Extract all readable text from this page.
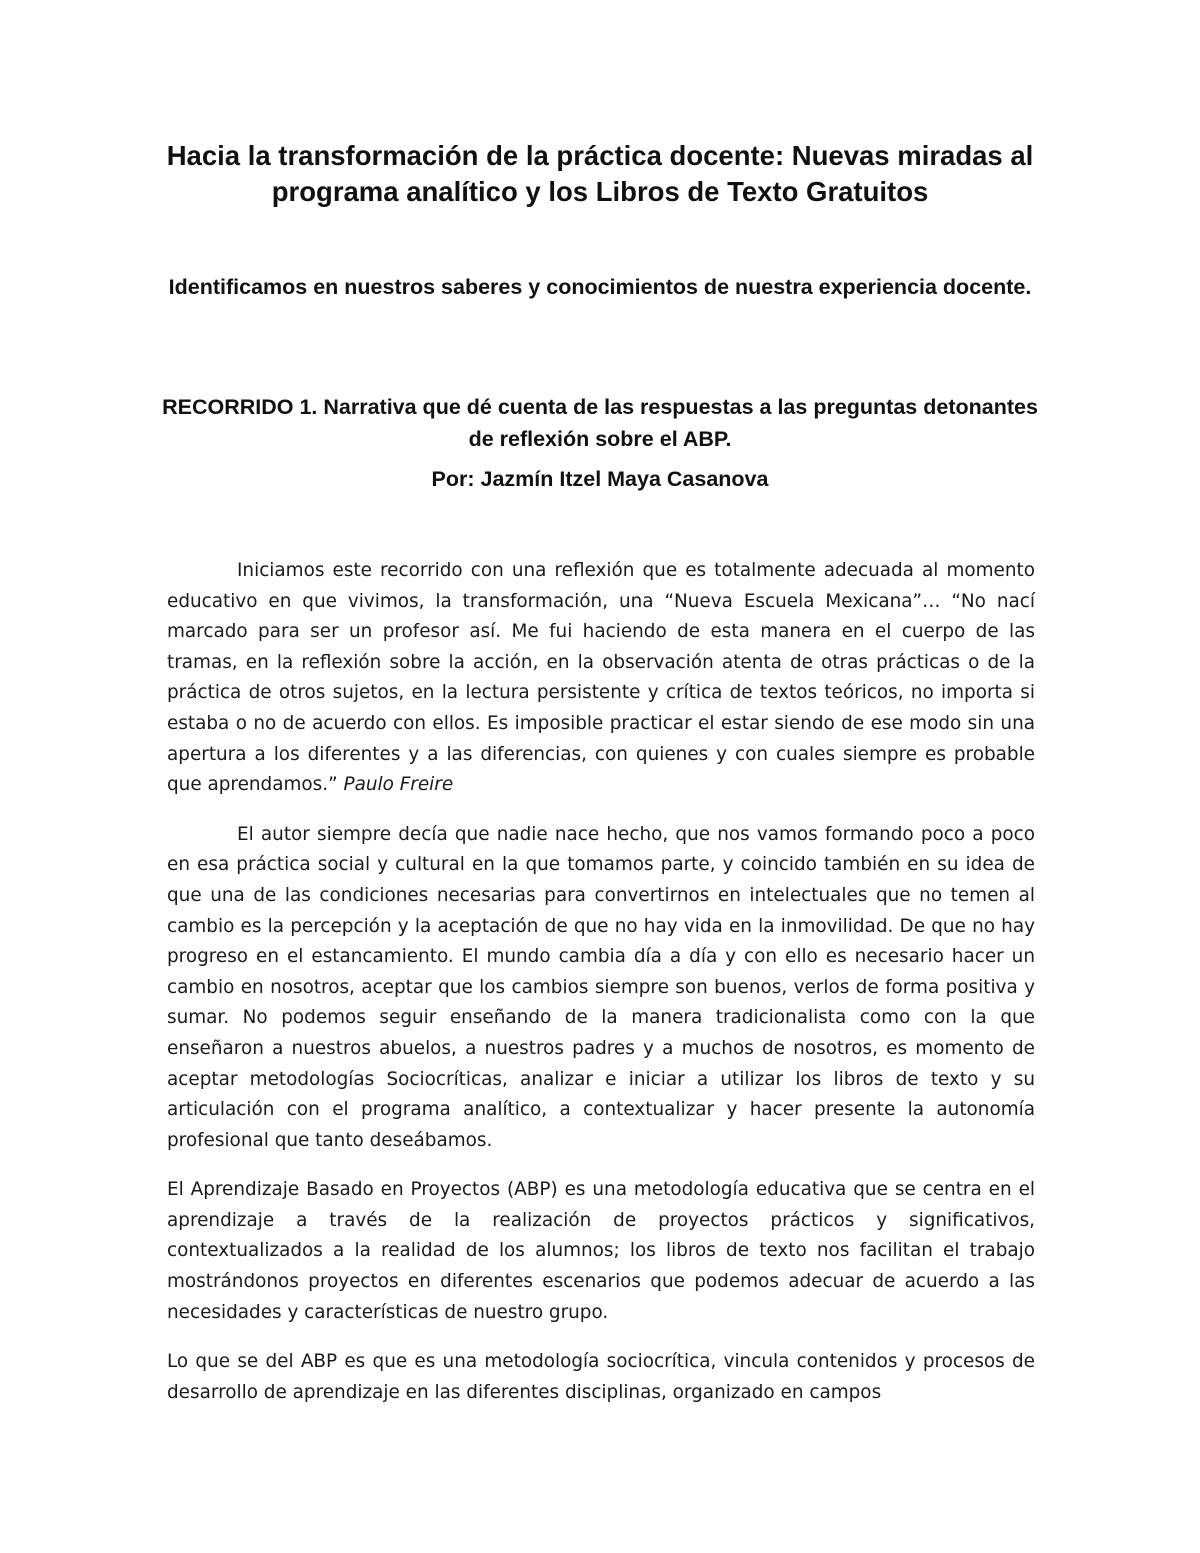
Hacia la transformación de la práctica docente: Nuevas miradas al programa analítico y los Libros de Texto Gratuitos
Identificamos en nuestros saberes y conocimientos de nuestra experiencia docente.
RECORRIDO 1. Narrativa que dé cuenta de las respuestas a las preguntas detonantes de reflexión sobre el ABP.
Por: Jazmín Itzel Maya Casanova

Iniciamos este recorrido con una reflexión que es totalmente adecuada al momento educativo en que vivimos, la transformación, una “Nueva Escuela Mexicana”… “No nací marcado para ser un profesor así. Me fui haciendo de esta manera en el cuerpo de las tramas, en la reflexión sobre la acción, en la observación atenta de otras prácticas o de la práctica de otros sujetos, en la lectura persistente y crítica de textos teóricos, no importa si estaba o no de acuerdo con ellos. Es imposible practicar el estar siendo de ese modo sin una apertura a los diferentes y a las diferencias, con quienes y con cuales siempre es probable que aprendamos.” Paulo Freire

El autor siempre decía que nadie nace hecho, que nos vamos formando poco a poco en esa práctica social y cultural en la que tomamos parte, y coincido también en su idea de que una de las condiciones necesarias para convertirnos en intelectuales que no temen al cambio es la percepción y la aceptación de que no hay vida en la inmovilidad. De que no hay progreso en el estancamiento. El mundo cambia día a día y con ello es necesario hacer un cambio en nosotros, aceptar que los cambios siempre son buenos, verlos de forma positiva y sumar. No podemos seguir enseñando de la manera tradicionalista como con la que enseñaron a nuestros abuelos, a nuestros padres y a muchos de nosotros, es momento de aceptar metodologías Sociocríticas, analizar e iniciar a utilizar los libros de texto y su articulación con el programa analítico, a contextualizar y hacer presente la autonomía profesional que tanto deseábamos.

El Aprendizaje Basado en Proyectos (ABP) es una metodología educativa que se centra en el aprendizaje a través de la realización de proyectos prácticos y significativos, contextualizados a la realidad de los alumnos; los libros de texto nos facilitan el trabajo mostrándonos proyectos en diferentes escenarios que podemos adecuar de acuerdo a las necesidades y características de nuestro grupo.

Lo que se del ABP es que es una metodología sociocrítica, vincula contenidos y procesos de desarrollo de aprendizaje en las diferentes disciplinas, organizado en campos
